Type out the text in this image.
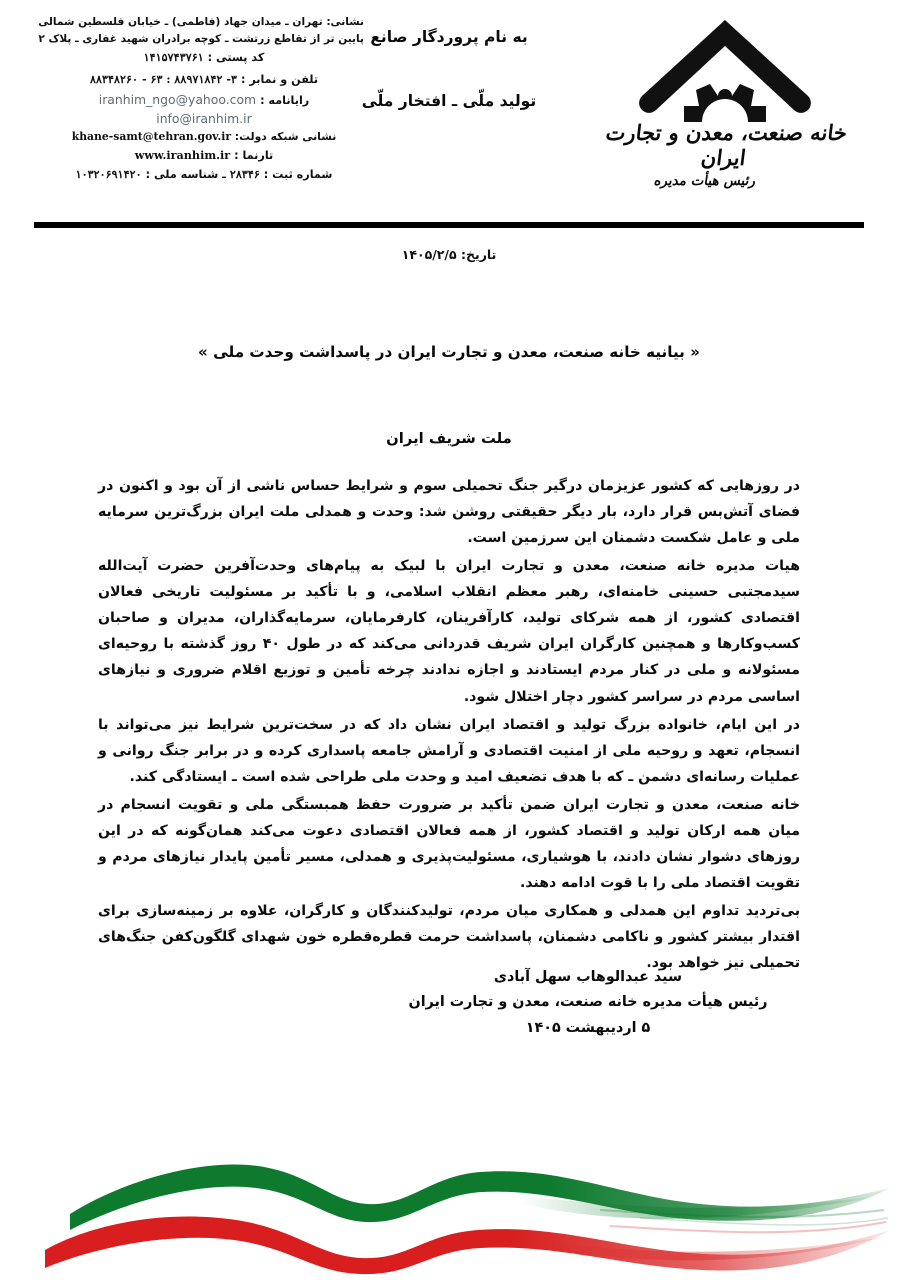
نشانی: تهران ـ میدان جهاد (فاطمی) ـ خیابان فلسطین شمالی
پایین تر از تقاطع زرتشت ـ کوچه برادران شهید غفاری ـ پلاک ۲
کد پستی : ۱۴۱۵۷۴۳۷۶۱
تلفن و نمابر : ۸۸۳۴۸۲۶۰ - ۶۳ : ۸۸۹۷۱۸۴۲ -۳
رایانامه : iranhim_ngo@yahoo.com
info@iranhim.ir
نشانی شبکه دولت: khane-samt@tehran.gov.ir
تارنما : www.iranhim.ir
شماره ثبت : ۲۸۳۴۶ ـ شناسه ملی : ۱۰۳۲۰۶۹۱۴۲۰
به نام پروردگار صانع
تولید ملّی ـ افتخار ملّی
خانه صنعت، معدن و تجارت ایران
رئیس هیأت مدیره
تاریخ: ۱۴۰۵/۲/۵
« بیانیه خانه صنعت، معدن و تجارت ایران در پاسداشت وحدت ملی »
ملت شریف ایران

در روزهایی که کشور عزیزمان درگیر جنگ تحمیلی سوم و شرایط حساس ناشی از آن بود و اکنون در فضای آتش‌بس قرار دارد، بار دیگر حقیقتی روشن شد: وحدت و همدلی ملت ایران بزرگ‌ترین سرمایه ملی و عامل شکست دشمنان این سرزمین است.

هیات مدیره خانه صنعت، معدن و تجارت ایران با لبیک به پیام‌های وحدت‌آفرین حضرت آیت‌الله سیدمجتبی حسینی خامنه‌ای، رهبر معظم انقلاب اسلامی، و با تأکید بر مسئولیت تاریخی فعالان اقتصادی کشور، از همه شرکای تولید، کارآفرینان، کارفرمایان، سرمایه‌گذاران، مدیران و صاحبان کسب‌وکارها و همچنین کارگران ایران شریف قدردانی می‌کند که در طول ۴۰ روز گذشته با روحیه‌ای مسئولانه و ملی در کنار مردم ایستادند و اجازه ندادند چرخه تأمین و توزیع اقلام ضروری و نیازهای اساسی مردم در سراسر کشور دچار اختلال شود.

در این ایام، خانواده بزرگ تولید و اقتصاد ایران نشان داد که در سخت‌ترین شرایط نیز می‌تواند با انسجام، تعهد و روحیه ملی از امنیت اقتصادی و آرامش جامعه پاسداری کرده و در برابر جنگ روانی و عملیات رسانه‌ای دشمن ـ که با هدف تضعیف امید و وحدت ملی طراحی شده است ـ ایستادگی کند.

خانه صنعت، معدن و تجارت ایران ضمن تأکید بر ضرورت حفظ همبستگی ملی و تقویت انسجام در میان همه ارکان تولید و اقتصاد کشور، از همه فعالان اقتصادی دعوت می‌کند همان‌گونه که در این روزهای دشوار نشان دادند، با هوشیاری، مسئولیت‌پذیری و همدلی، مسیر تأمین پایدار نیازهای مردم و تقویت اقتصاد ملی را با قوت ادامه دهند.

بی‌تردید تداوم این همدلی و همکاری میان مردم، تولیدکنندگان و کارگران، علاوه بر زمینه‌سازی برای اقتدار بیشتر کشور و ناکامی دشمنان، پاسداشت حرمت قطره‌قطره خون شهدای گلگون‌کفن جنگ‌های تحمیلی نیز خواهد بود.

سید عبدالوهاب سهل آبادی
رئیس هیأت مدیره خانه صنعت، معدن و تجارت ایران
۵ اردیبهشت ۱۴۰۵
